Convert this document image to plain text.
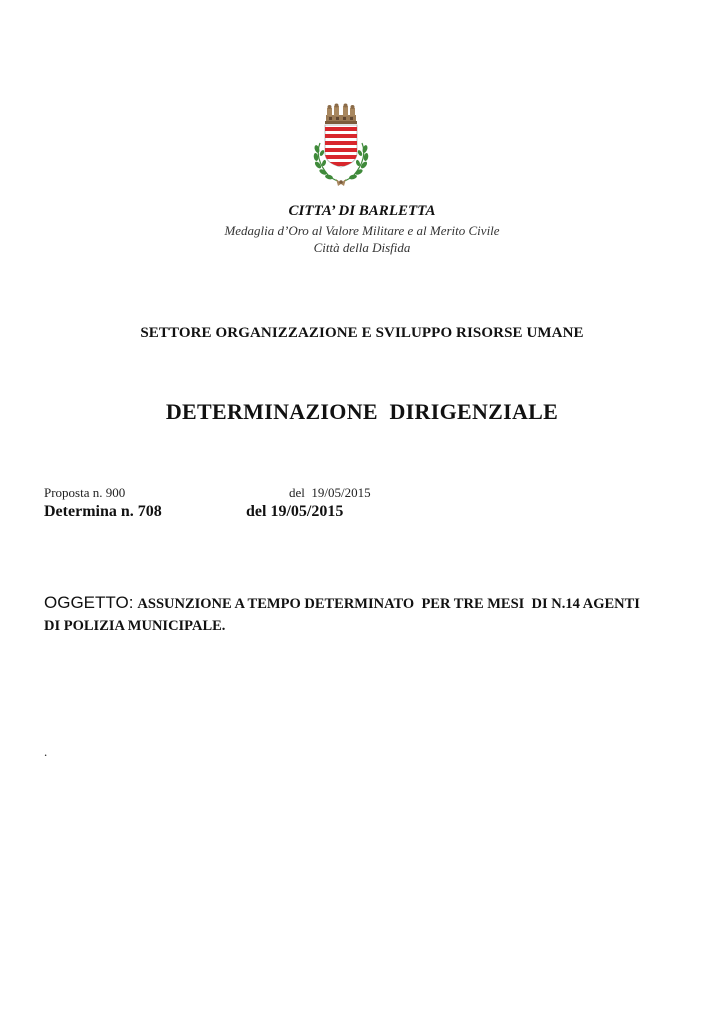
CITTA’ DI BARLETTA
Medaglia d’Oro al Valore Militare e al Merito Civile
Città della Disfida
SETTORE ORGANIZZAZIONE E SVILUPPO RISORSE UMANE
DETERMINAZIONE  DIRIGENZIALE
Proposta n. 900	del  19/05/2015
Determina n. 708	del 19/05/2015
OGGETTO: ASSUNZIONE A TEMPO DETERMINATO  PER TRE MESI  DI N.14 AGENTI DI POLIZIA MUNICIPALE.
.
